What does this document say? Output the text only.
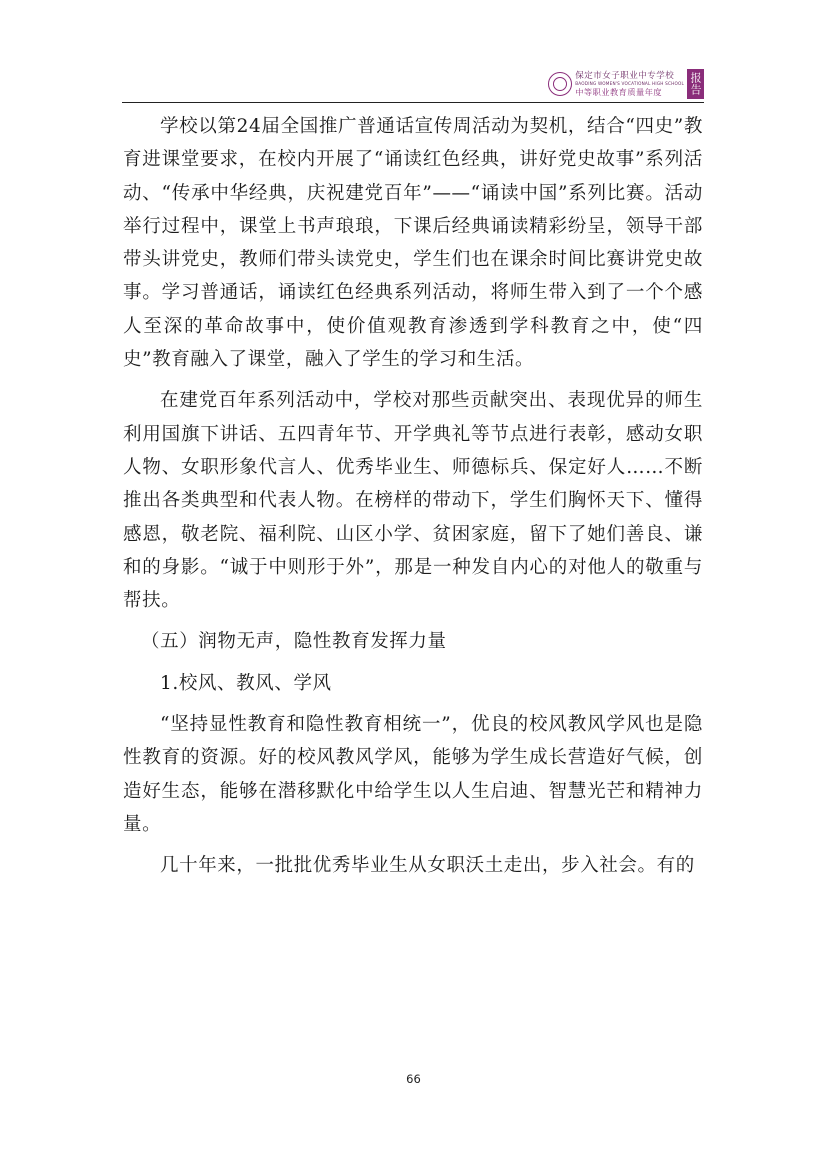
保定市女子职业中专学校
BAODING WOMEN'S VOCATIONAL HIGH SCHOOL
中等职业教育质量年度	报告

学校以第24届全国推广普通话宣传周活动为契机，结合“四史”教育进课堂要求，在校内开展了“诵读红色经典，讲好党史故事”系列活动、“传承中华经典，庆祝建党百年”——“诵读中国”系列比赛。活动举行过程中，课堂上书声琅琅，下课后经典诵读精彩纷呈，领导干部带头讲党史，教师们带头读党史，学生们也在课余时间比赛讲党史故事。学习普通话，诵读红色经典系列活动，将师生带入到了一个个感人至深的革命故事中，使价值观教育渗透到学科教育之中，使“四史”教育融入了课堂，融入了学生的学习和生活。

在建党百年系列活动中，学校对那些贡献突出、表现优异的师生利用国旗下讲话、五四青年节、开学典礼等节点进行表彰，感动女职人物、女职形象代言人、优秀毕业生、师德标兵、保定好人……不断推出各类典型和代表人物。在榜样的带动下，学生们胸怀天下、懂得感恩，敬老院、福利院、山区小学、贫困家庭，留下了她们善良、谦和的身影。“诚于中则形于外”，那是一种发自内心的对他人的敬重与帮扶。

（五）润物无声，隐性教育发挥力量

1.校风、教风、学风

“坚持显性教育和隐性教育相统一”，优良的校风教风学风也是隐性教育的资源。好的校风教风学风，能够为学生成长营造好气候，创造好生态，能够在潜移默化中给学生以人生启迪、智慧光芒和精神力量。

几十年来，一批批优秀毕业生从女职沃土走出，步入社会。有的

66
